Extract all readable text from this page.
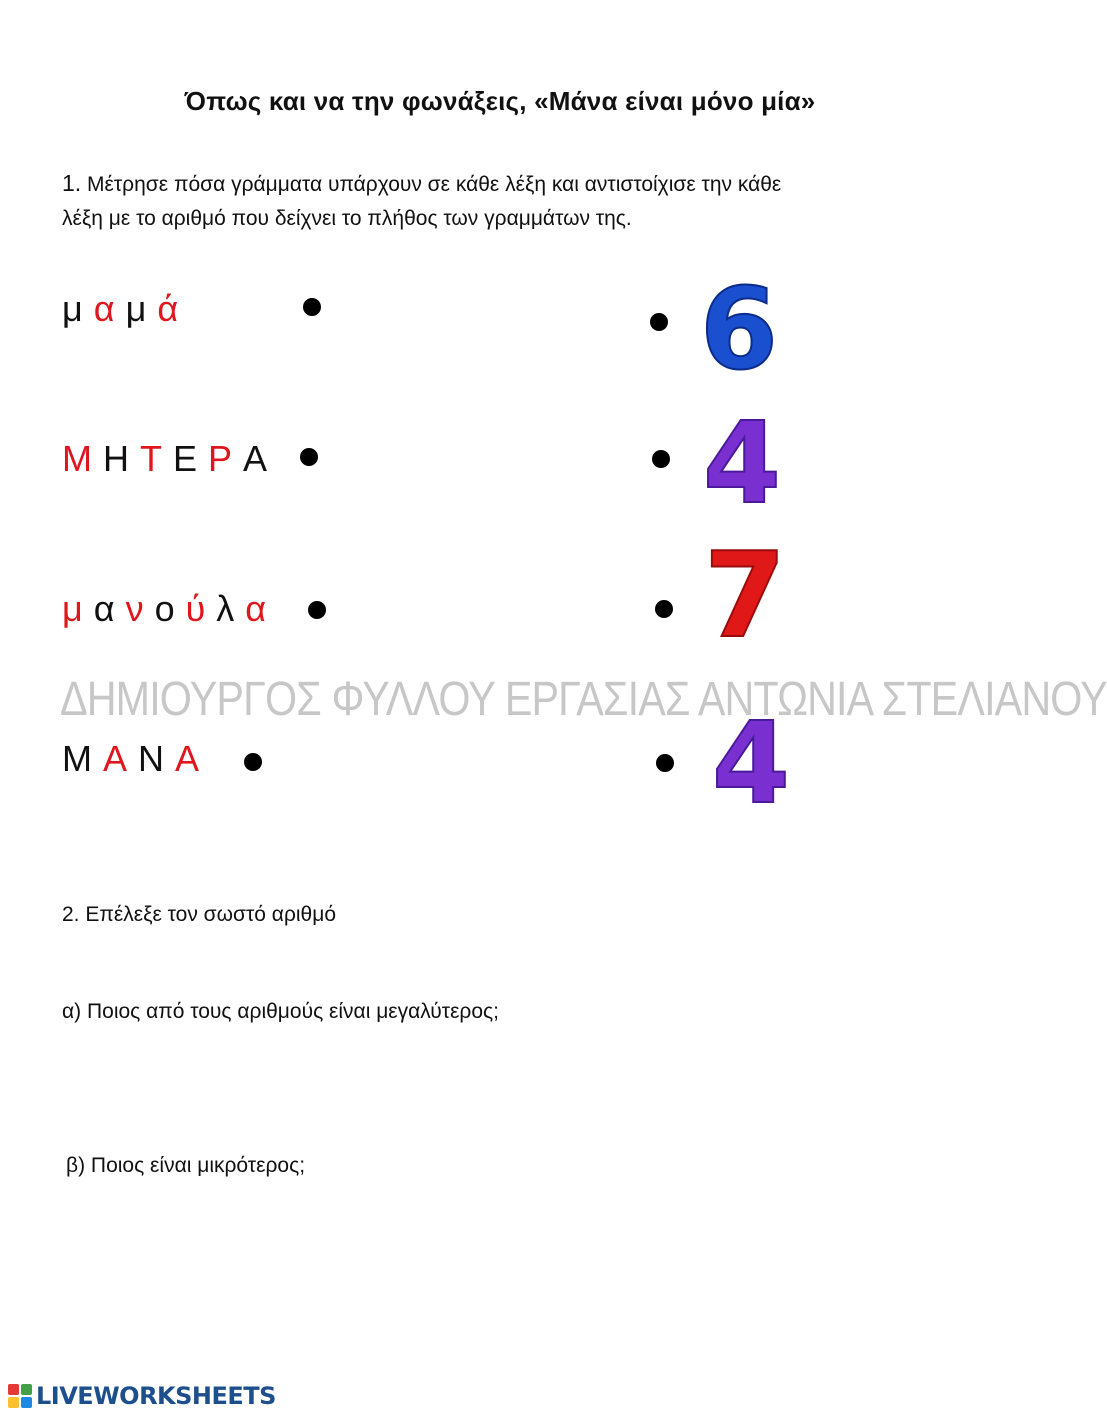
Όπως και να την φωνάξεις, «Μάνα είναι μόνο μία»
1. Μέτρησε πόσα γράμματα υπάρχουν σε κάθε λέξη και αντιστοίχισε την κάθε
λέξη με το αριθμό που δείχνει το πλήθος των γραμμάτων της.
μ α μ ά
Μ Η Τ Ε Ρ Α
μ α ν ο ύ λ α
Μ Α Ν Α
6
4
7
4
ΔΗΜΙΟΥΡΓΟΣ ΦΥΛΛΟΥ ΕΡΓΑΣΙΑΣ ΑΝΤΩΝΙΑ ΣΤΕΛΙΑΝΟΥ
2. Επέλεξε τον σωστό αριθμό
α) Ποιος από τους αριθμούς είναι μεγαλύτερος;
β) Ποιος είναι μικρότερος;
LIVEWORKSHEETS
